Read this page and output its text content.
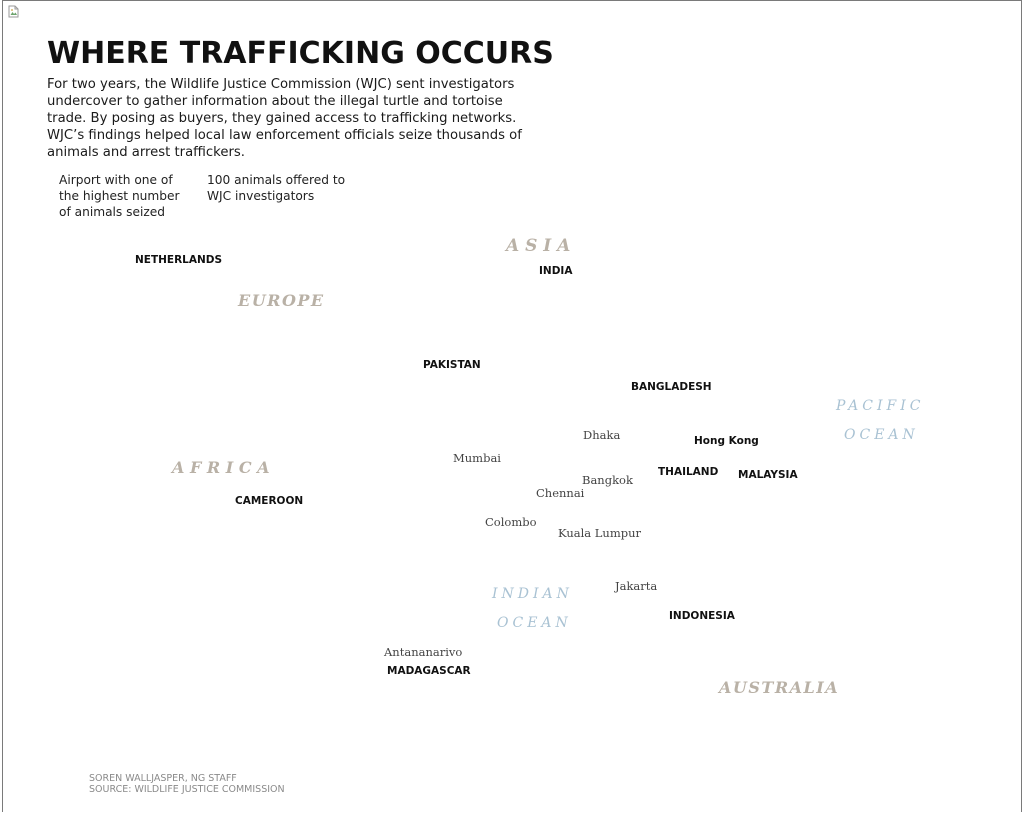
WHERE TRAFFICKING OCCURS

For two years, the Wildlife Justice Commission (WJC) sent investigators undercover to gather information about the illegal turtle and tortoise trade. By posing as buyers, they gained access to trafficking networks. WJC’s findings helped local law enforcement officials seize thousands of animals and arrest traffickers.

Airport with one of the highest number of animals seized
100 animals offered to WJC investigators
A S I A
EUROPE
A F R I C A
AUSTRALIA
PACIFIC
OCEAN
INDIAN
OCEAN
NETHERLANDS
INDIA
PAKISTAN
BANGLADESH
Hong Kong
THAILAND MALAYSIA
CAMEROON
INDONESIA
MADAGASCAR
Dhaka
Mumbai
Bangkok
Chennai
Colombo
Kuala Lumpur
Jakarta
Antananarivo
SOREN WALLJASPER, NG STAFF
SOURCE: WILDLIFE JUSTICE COMMISSION
